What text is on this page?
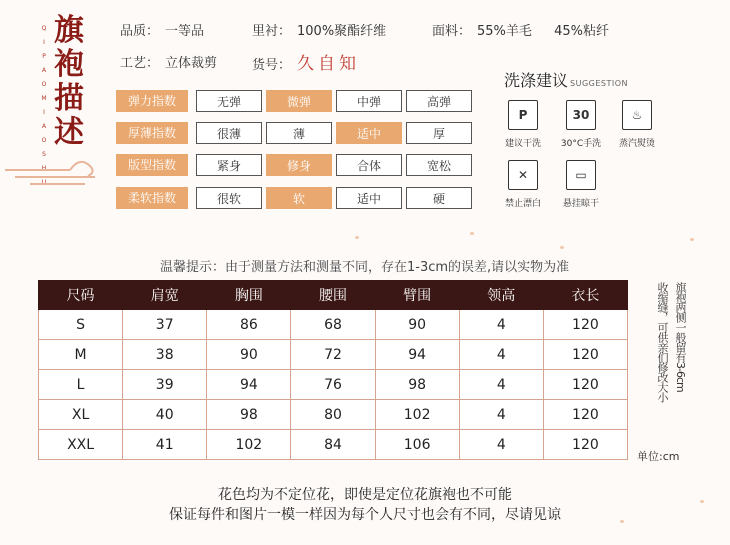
Q
I
P
A
O
M
I
A
O
S
H
U
旗
袍
描
述
品质： 一等品	里衬： 100%聚酯纤维	面料： 55%羊毛 45%粘纤
工艺： 立体裁剪	货号： 久自知
弹力指数	无弹	微弹	中弹	高弹
厚薄指数	很薄	薄	适中	厚
版型指数	紧身	修身	合体	宽松
柔软指数	很软	软	适中	硬
洗涤建议 SUGGESTION
P
建议干洗
30
30°C手洗
♨
蒸汽熨烫
✕
禁止漂白
▭
悬挂晾干
温馨提示：由于测量方法和测量不同，存在1-3cm的误差,请以实物为准
尺码	肩宽	胸围	腰围	臂围	领高	衣长
S	37	86	68	90	4	120
M	38	90	72	94	4	120
L	39	94	76	98	4	120
XL	40	98	80	102	4	120
XXL	41	102	84	106	4	120
旗袍两侧一般留有3-6cm
收缩缝，可供亲们修改大小
单位:cm
花色均为不定位花，即使是定位花旗袍也不可能
保证每件和图片一模一样因为每个人尺寸也会有不同，尽请见谅
